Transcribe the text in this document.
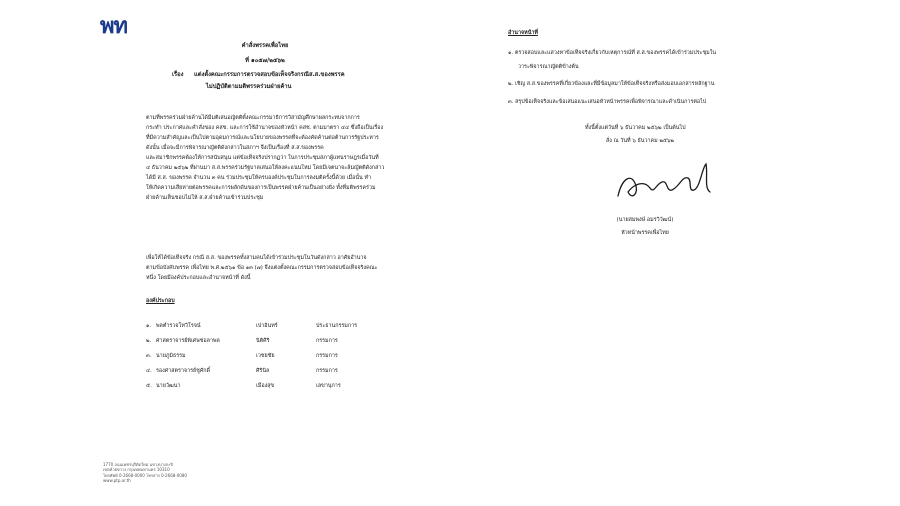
พท
คำสั่งพรรคเพื่อไทย
ที่ ๑๐๕๗/๒๕๖๒
เรื่อง แต่งตั้งคณะกรรมการตรวจสอบข้อเท็จจริงกรณีส.ส.ของพรรค
ไม่ปฏิบัติตามมติพรรคร่วมฝ่ายค้าน
ตามที่พรรคร่วมฝ่ายค้านได้มีมติเสนอญัตติตั้งคณะกรรมาธิการวิสามัญศึกษาผลกระทบจากการ
กระทำ ประกาศและคำสั่งของ คสช. และการใช้อำนาจของหัวหน้า คสช. ตามมาตรา ๔๔ ซึ่งถือเป็นเรื่อง
ที่มีความสำคัญและเป็นไปตามอุดมการณ์และนโยบายของพรรคที่จะต้องคัดค้านต่อต้านการรัฐประหาร
ดังนั้น เมื่อจะมีการพิจารณาญัตติดังกล่าวในสภาฯ จึงเป็นเรื่องที่ ส.ส.ของพรรค
และสมาชิกพรรคต้องให้การสนับสนุน แต่ข้อเท็จจริงปรากฏว่า ในการประชุมสภาผู้แทนราษฎรเมื่อวันที่
๔ ธันวาคม ๒๕๖๒ ที่ผ่านมา ส.ส.พรรคร่วมรัฐบาลเสนอให้ลงคะแนนใหม่ โดยมีเจตนาจะล้มญัตติดังกล่าว
ได้มี ส.ส. ของพรรค จำนวน ๓ คน ร่วมประชุมให้ครบองค์ประชุมในการลงมติครั้งนี้ด้วย เมื่อนั้น ทำ
ให้เกิดความเสียหายต่อพรรคและการผลักดันของการเป็นพรรคฝ่ายค้านเป็นอย่างยิ่ง ทั้งที่มติพรรคร่วม
ฝ่ายค้านเห็นชอบไม่ให้ ส.ส.ฝ่ายค้านเข้าร่วมประชุม
เพื่อให้ได้ข้อเท็จจริง กรณี ส.ส. ของพรรคทั้งสามคนได้เข้าร่วมประชุมในวันดังกล่าว อาศัยอำนาจ
ตามข้อบังคับพรรค เพื่อไทย พ.ศ.๒๕๖๑ ข้อ ๑๓ (๗) จึงแต่งตั้งคณะกรรมการตรวจสอบข้อเท็จจริงคณะ
หนึ่ง โดยมีองค์ประกอบและอำนาจหน้าที่ ดังนี้
องค์ประกอบ
๑. พลตำรวจโทวิโรจน์	เปาอินทร์	ประธานกรรมการ
๒. ศาสตราจารย์พิเศษช่อลาพล	นิติศิริ	กรรมการ
๓. นายภูมิธรรม	เวชยชัย	กรรมการ
๔. รองศาสตราจารย์ชูศักดิ์	ศิรินิล	กรรมการ
๕. นายวัฒนา	เมืองสุข	เลขานุการ
1770 ถนนเพชรบุรีตัดใหม่ แขวงบางกะปิ
เขตห้วยขวาง กรุงเทพมหานคร 10310
โทรศัพท์ 0-2668-0000 โทรสาร 0-2668-0080
www.ptp.or.th
อำนาจหน้าที่
๑. ตรวจสอบและแสวงหาข้อเท็จจริงเกี่ยวกับเหตุการณ์ที่ ส.ส.ของพรรคได้เข้าร่วมประชุมใน
วาระพิจารณาญัตติข้างต้น
๒. เชิญ ส.ส.ของพรรคที่เกี่ยวข้องและที่มีข้อมูลมาให้ข้อเท็จจริงหรือส่งมอบเอกสารหลักฐาน
๓. สรุปข้อเท็จจริงและข้อเสนอแนะเสนอหัวหน้าพรรคเพื่อพิจารณาและดำเนินการต่อไป
ทั้งนี้ตั้งแต่วันที่ ๖ ธันวาคม ๒๕๖๒ เป็นต้นไป
สั่ง ณ วันที่ ๖ ธันวาคม ๒๕๖๒
(นายสมพงษ์ อมรวิวัฒน์)
หัวหน้าพรรคเพื่อไทย
